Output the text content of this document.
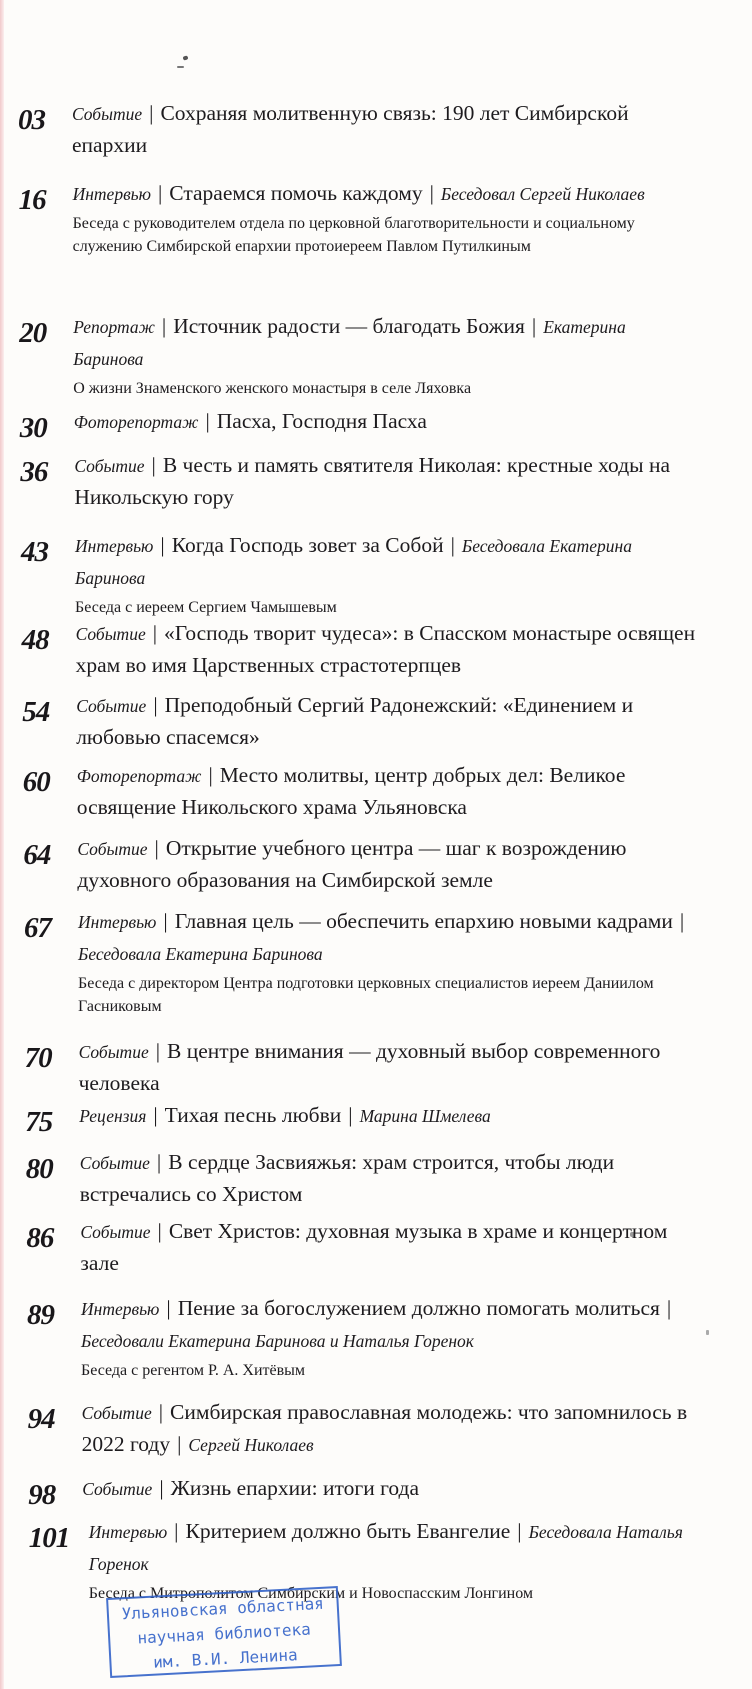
03 Событие | Сохраняя молитвенную связь: 190 лет Симбирской епархии
16 Интервью | Стараемся помочь каждому | Беседовал Сергей Николаев
Беседа с руководителем отдела по церковной благотворительности и социальному служению Симбирской епархии протоиереем Павлом Путилкиным
20 Репортаж | Источник радости — благодать Божия | Екатерина Баринова
О жизни Знаменского женского монастыря в селе Ляховка
30 Фоторепортаж | Пасха, Господня Пасха
36 Событие | В честь и память святителя Николая: крестные ходы на Никольскую гору
43 Интервью | Когда Господь зовет за Собой | Беседовала Екатерина Баринова
Беседа с иереем Сергием Чамышевым
48 Событие | «Господь творит чудеса»: в Спасском монастыре освящен храм во имя Царственных страстотерпцев
54 Событие | Преподобный Сергий Радонежский: «Единением и любовью спасемся»
60 Фоторепортаж | Место молитвы, центр добрых дел: Великое освящение Никольского храма Ульяновска
64 Событие | Открытие учебного центра — шаг к возрождению духовного образования на Симбирской земле
67 Интервью | Главная цель — обеспечить епархию новыми кадрами |Беседовала Екатерина Баринова
Беседа с директором Центра подготовки церковных специалистов иереем Даниилом Гасниковым
70 Событие | В центре внимания — духовный выбор современного человека
75 Рецензия | Тихая песнь любви | Марина Шмелева
80 Событие | В сердце Засвияжья: храм строится, чтобы люди встречались со Христом
86 Событие | Свет Христов: духовная музыка в храме и концертном зале
89 Интервью | Пение за богослужением должно помогать молиться |Беседовали Екатерина Баринова и Наталья Горенок
Беседа с регентом Р. А. Хитёвым
94 Событие | Симбирская православная молодежь: что запомнилось в 2022 году | Сергей Николаев
98 Событие | Жизнь епархии: итоги года
101 Интервью | Критерием должно быть Евангелие | Беседовала Наталья Горенок
Беседа с Митрополитом Симбирским и Новоспасским Лонгином
Ульяновская областная
научная библиотека
им. В.И. Ленина
